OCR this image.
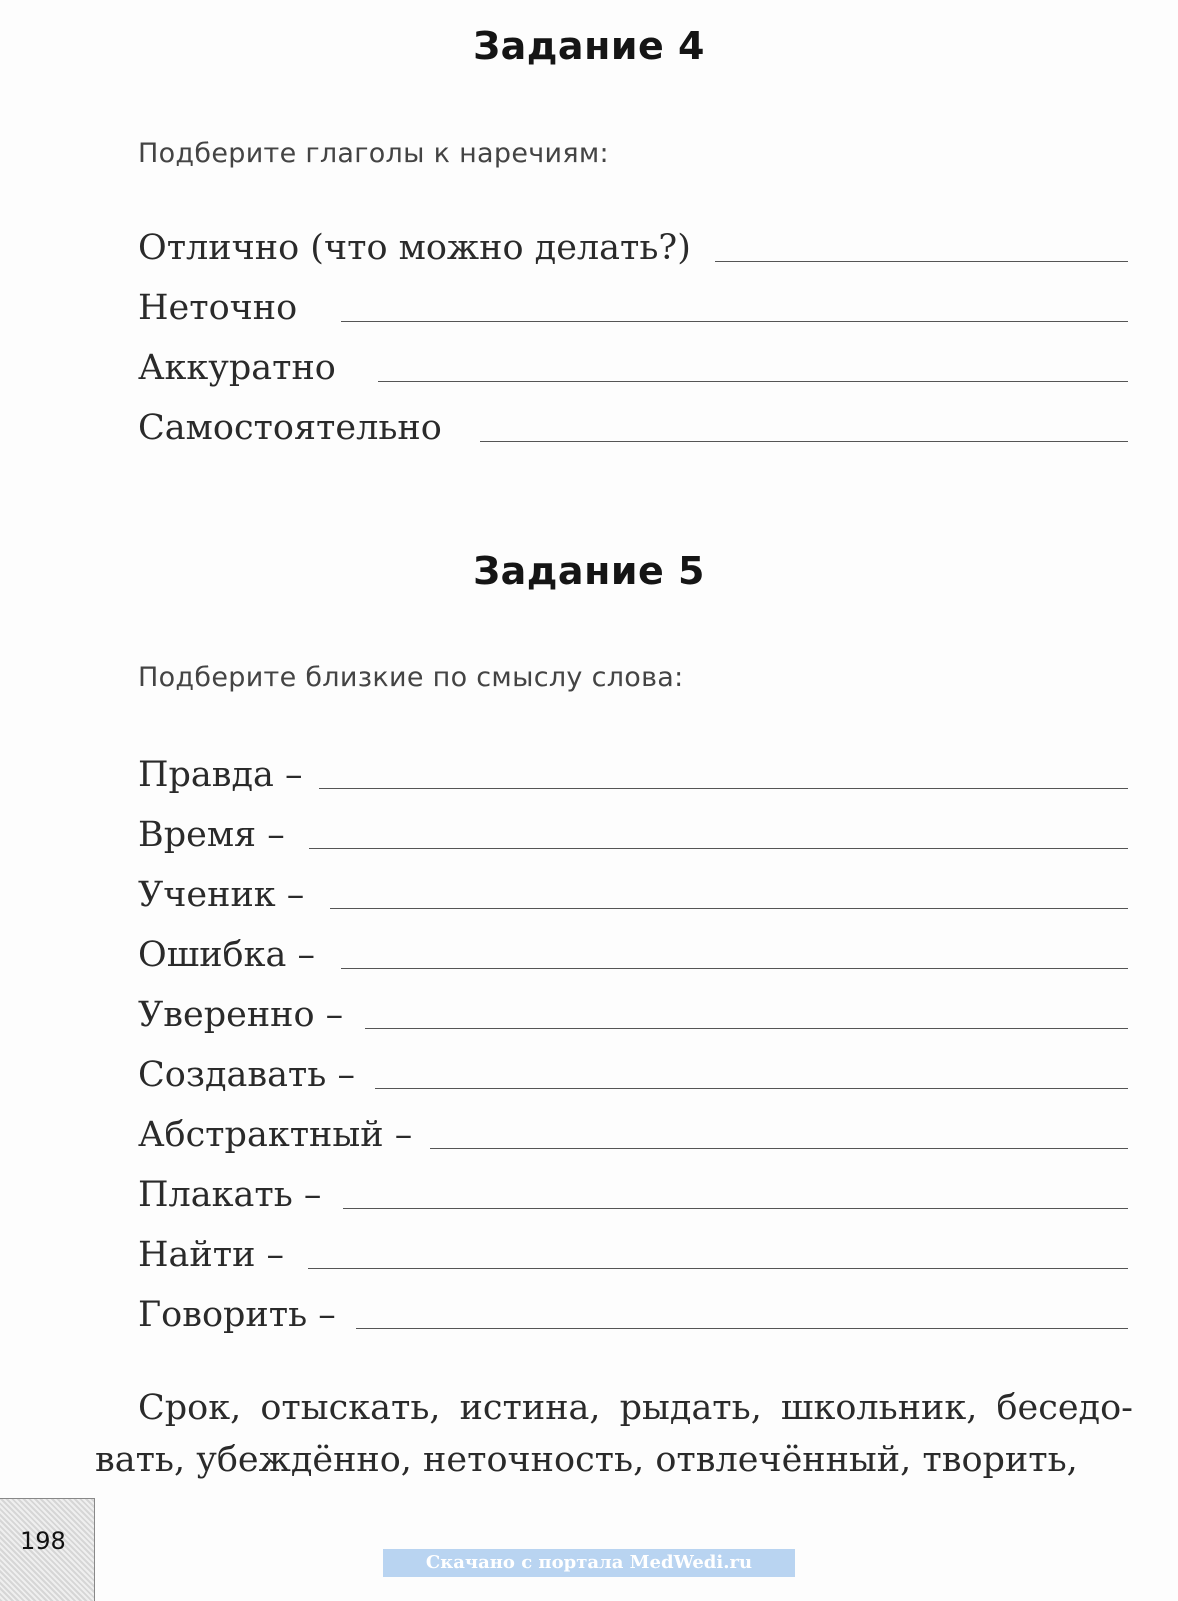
Задание 4
Подберите глаголы к наречиям:
Отлично (что можно делать?)
Неточно
Аккуратно
Самостоятельно
Задание 5
Подберите близкие по смыслу слова:
Правда –
Время –
Ученик –
Ошибка –
Уверенно –
Создавать –
Абстрактный –
Плакать –
Найти –
Говорить –
Срок, отыскать, истина, рыдать, школьник, беседо-
вать, убеждённо, неточность, отвлечённый, творить,
198
Скачано с портала MedWedi.ru
